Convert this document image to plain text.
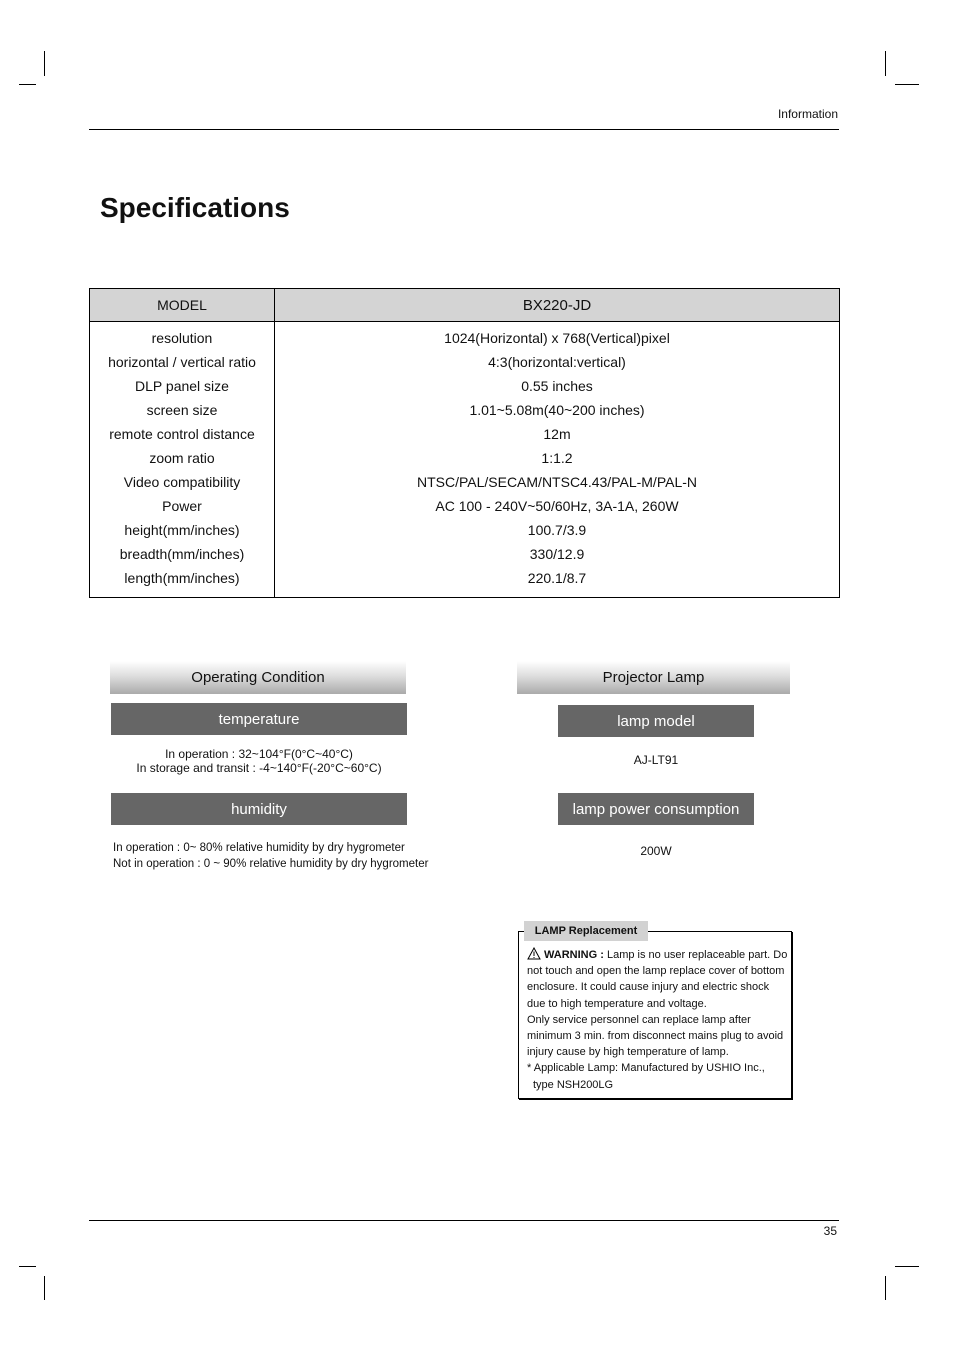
Information
Specifications
MODEL	BX220-JD
resolution	1024(Horizontal) x 768(Vertical)pixel
horizontal / vertical ratio	4:3(horizontal:vertical)
DLP panel size	0.55 inches
screen size	1.01~5.08m(40~200 inches)
remote control distance	12m
zoom ratio	1:1.2
Video compatibility	NTSC/PAL/SECAM/NTSC4.43/PAL-M/PAL-N
Power	AC 100 - 240V~50/60Hz, 3A-1A, 260W
height(mm/inches)	100.7/3.9
breadth(mm/inches)	330/12.9
length(mm/inches)	220.1/8.7
Operating Condition
temperature
In operation : 32~104°F(0°C~40°C)
In storage and transit : -4~140°F(-20°C~60°C)
humidity
In operation : 0~ 80% relative humidity by dry hygrometer
Not in operation : 0 ~ 90% relative humidity by dry hygrometer
Projector Lamp
lamp model
AJ-LT91
lamp power consumption
200W
LAMP Replacement

WARNING : Lamp is no user replaceable part. Do not touch and open the lamp replace cover of bottom enclosure. It could cause injury and electric shock due to high temperature and voltage.

Only service personnel can replace lamp after minimum 3 min. from disconnect mains plug to avoid injury cause by high temperature of lamp.

* Applicable Lamp: Manufactured by USHIO Inc.,

type NSH200LG

35
